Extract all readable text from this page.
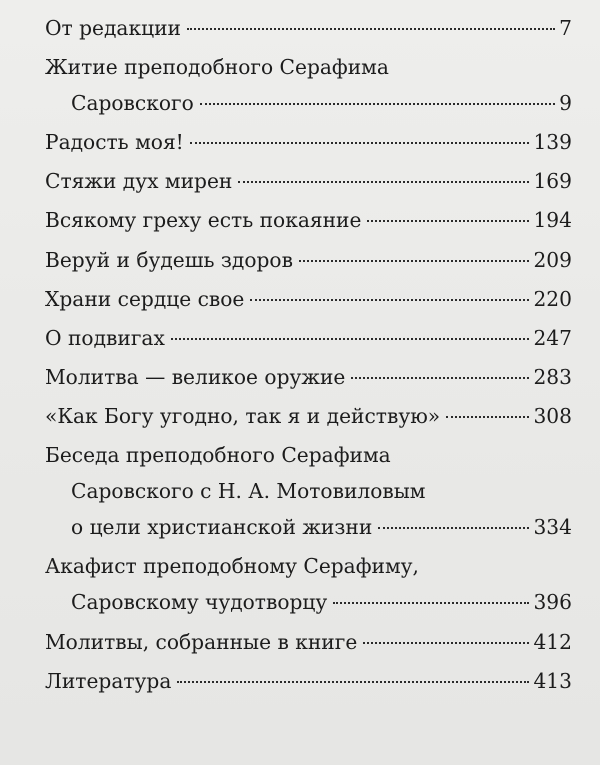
От редакции	7
Житие преподобного Серафима
Саровского	9
Радость моя!	139
Стяжи дух мирен	169
Всякому греху есть покаяние	194
Веруй и будешь здоров	209
Храни сердце свое	220
О подвигах	247
Молитва — великое оружие	283
«Как Богу угодно, так я и действую»	308
Беседа преподобного Серафима
Саровского с Н. А. Мотовиловым
о цели христианской жизни	334
Акафист преподобному Серафиму,
Саровскому чудотворцу	396
Молитвы, собранные в книге	412
Литература	413
